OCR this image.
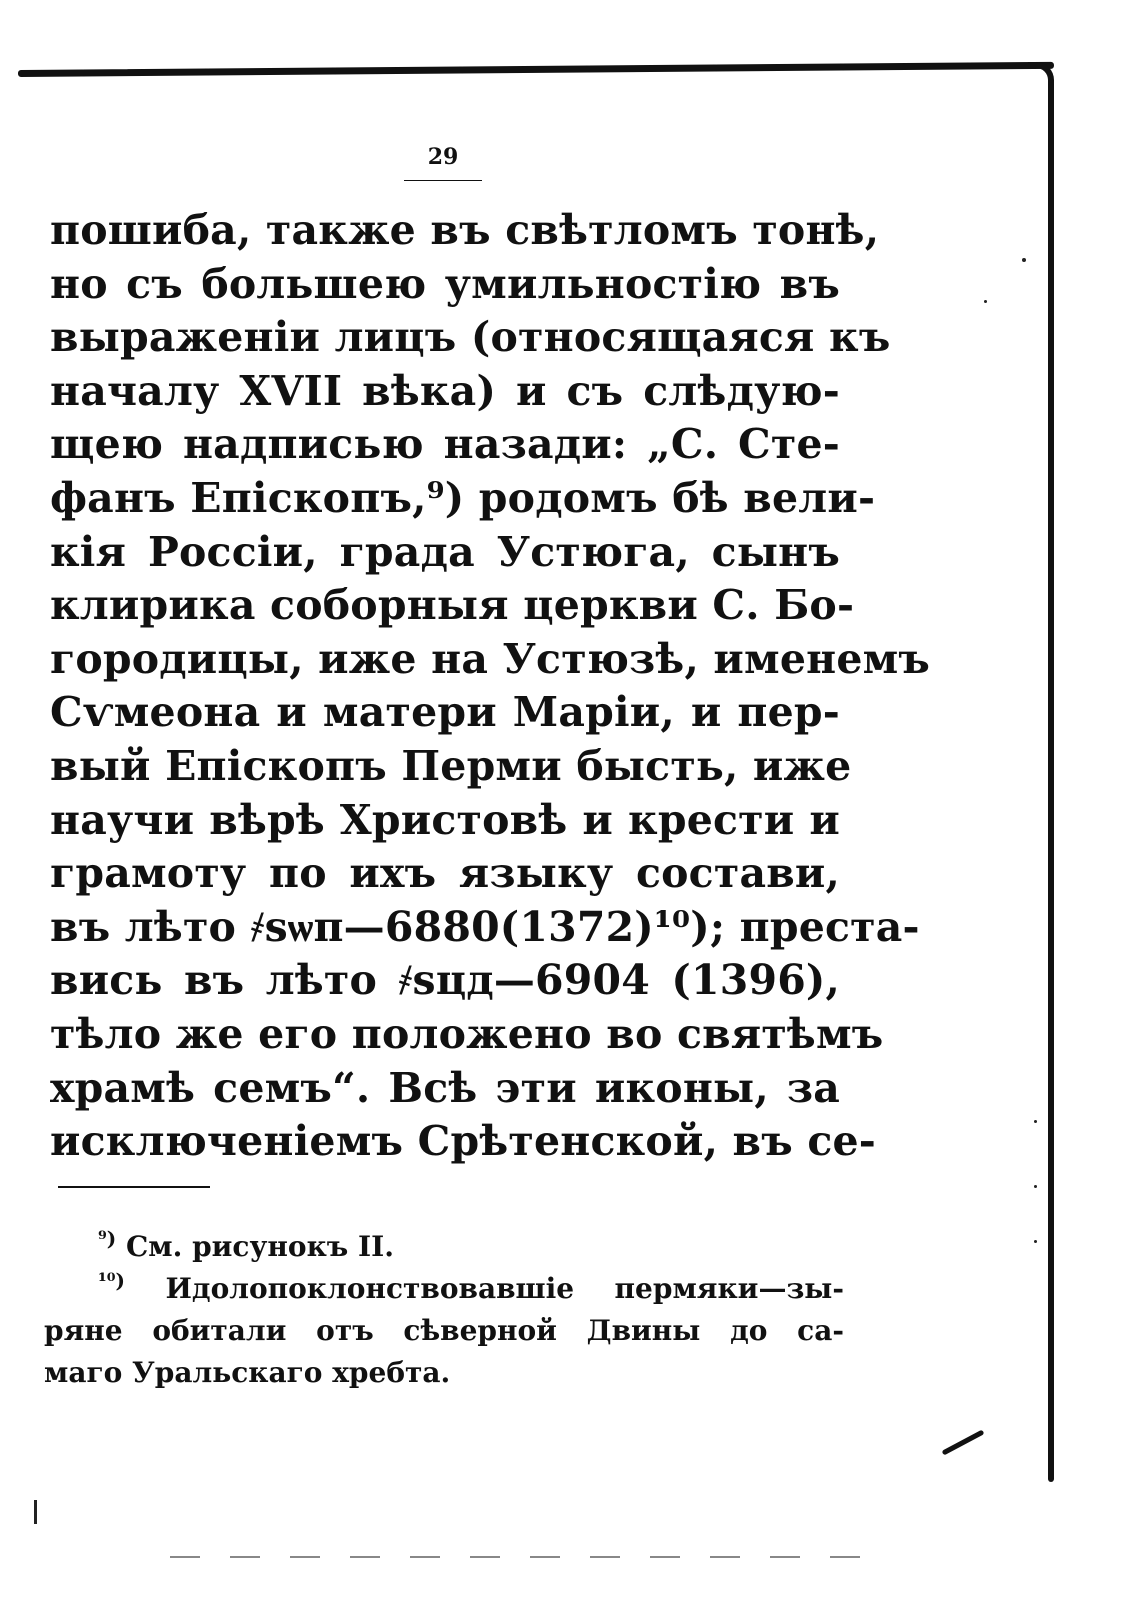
29
пошиба, также въ свѣтломъ тонѣ,
но съ большею умильностію въ
выраженіи лицъ (относящаяся къ
началу XVII вѣка) и съ слѣдую-
щею надписью назади: „С. Сте-
фанъ Епіскопъ,⁹) родомъ бѣ вели-
кія Россіи, града Устюга, сынъ
клирика соборныя церкви С. Бо-
городицы, иже на Устюзѣ, именемъ
Сѵмеона и матери Маріи, и пер-
вый Епіскопъ Перми бысть, иже
научи вѣрѣ Христовѣ и крести и
грамоту по ихъ языку состави,
въ лѣто ҂ѕѡп—6880(1372)¹⁰); преста-
вись въ лѣто ҂ѕцд—6904 (1396),
тѣло же его положено во святѣмъ
храмѣ семъ“. Всѣ эти иконы, за
исключеніемъ Срѣтенской, въ се-
$^{^9)}$ См. рисунокъ II.
$^{^{10})}$ Идолопоклонствовавшіе пермяки—зы-
ряне обитали отъ сѣверной Двины до са-
маго Уральскаго хребта.
